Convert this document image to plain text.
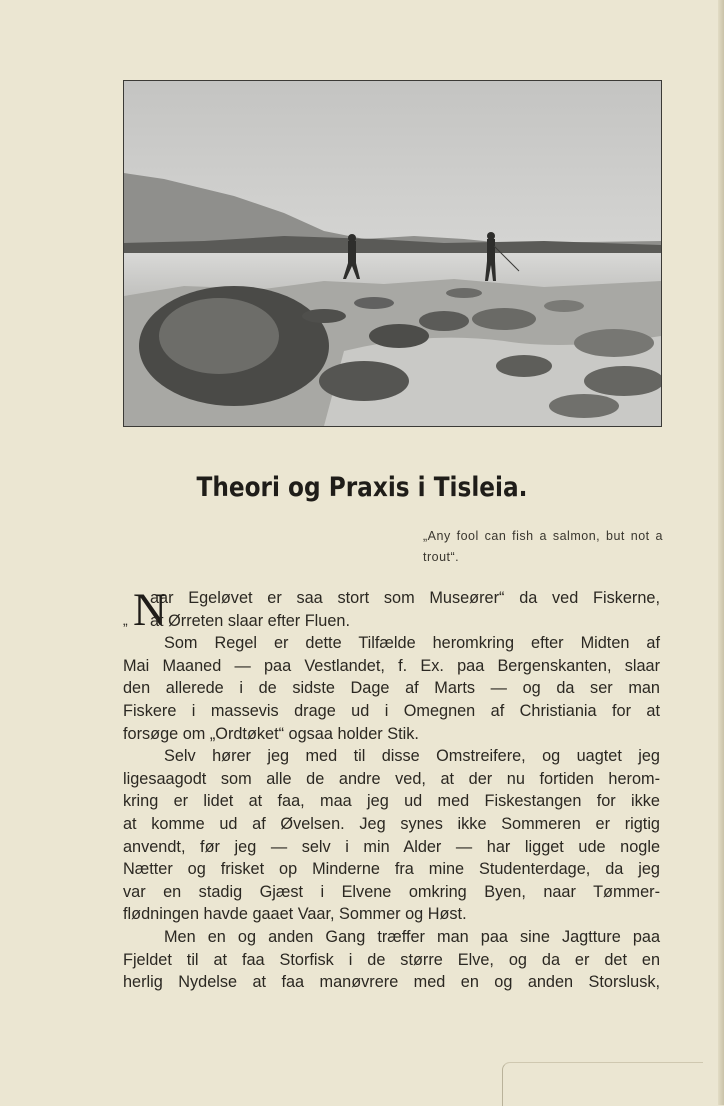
Theori og Praxis i Tisleia.
„Any fool can fish a salmon, but not a trout“.
N
„
aar Egeløvet er saa stort som Museører“ da ved Fiskerne,
at Ørreten slaar efter Fluen.
Som Regel er dette Tilfælde heromkring efter Midten af
Mai Maaned — paa Vestlandet, f. Ex. paa Bergenskanten, slaar
den allerede i de sidste Dage af Marts — og da ser man
Fiskere i massevis drage ud i Omegnen af Christiania for at
forsøge om „Ordtøket“ ogsaa holder Stik.
Selv hører jeg med til disse Omstreifere, og uagtet jeg
ligesaagodt som alle de andre ved, at der nu fortiden herom-
kring er lidet at faa, maa jeg ud med Fiskestangen for ikke
at komme ud af Øvelsen. Jeg synes ikke Sommeren er rigtig
anvendt, før jeg — selv i min Alder — har ligget ude nogle
Nætter og frisket op Minderne fra mine Studenterdage, da jeg
var en stadig Gjæst i Elvene omkring Byen, naar Tømmer-
flødningen havde gaaet Vaar, Sommer og Høst.
Men en og anden Gang træffer man paa sine Jagtture paa
Fjeldet til at faa Storfisk i de større Elve, og da er det en
herlig Nydelse at faa manøvrere med en og anden Storslusk,
